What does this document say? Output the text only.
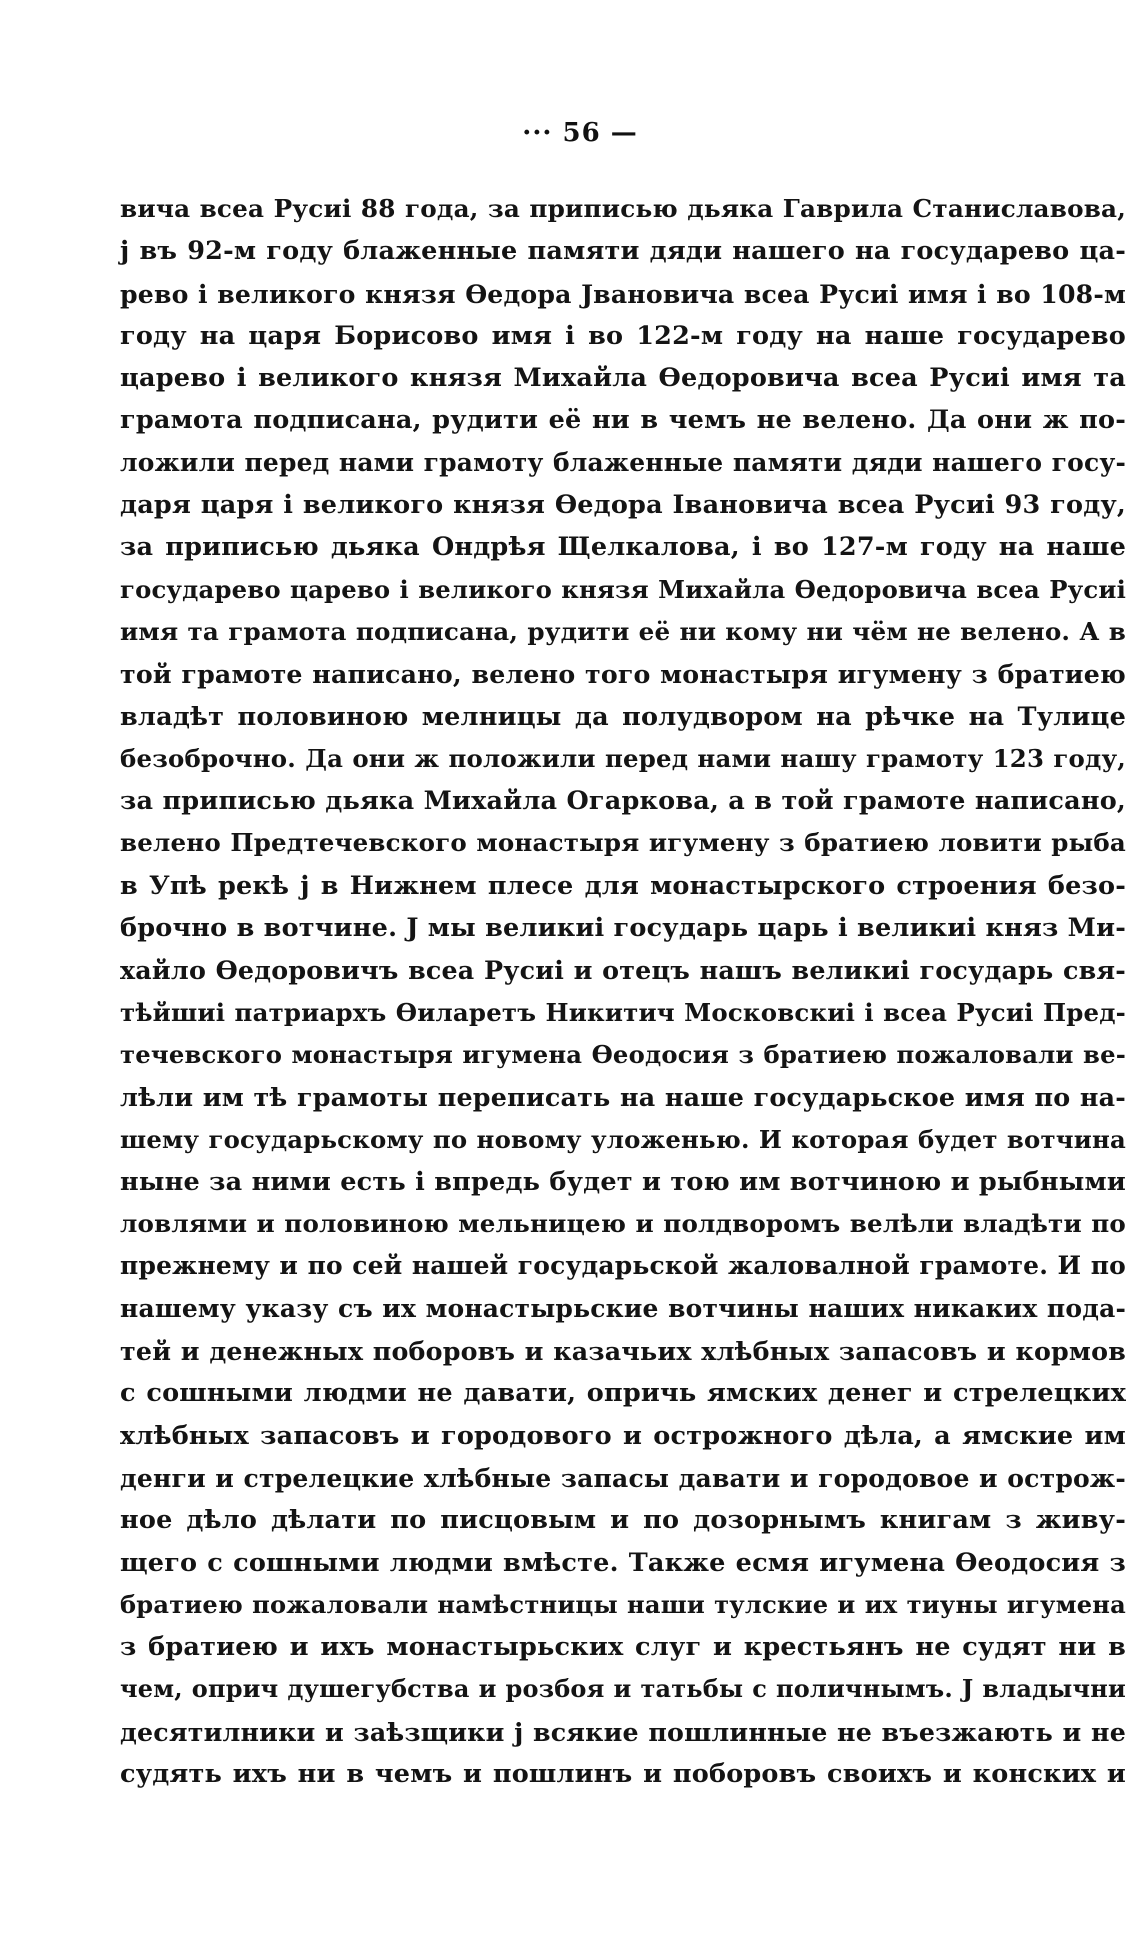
··· 56 —
вича всеа Русиі 88 года, за приписью дьяка Гаврила Станиславова,
ј въ 92-м году блаженные памяти дяди нашего на государево ца-
рево і великого князя Өедора Јвановича всеа Русиі имя і во 108-м
году на царя Борисово имя і во 122-м году на наше государево
царево і великого князя Михайла Өедоровича всеа Русиі имя та
грамота подписана, рудити её ни в чемъ не велено. Да они ж по-
ложили перед нами грамоту блаженные памяти дяди нашего госу-
даря царя і великого князя Өедора Івановича всеа Русиі 93 году,
за приписью дьяка Ондрѣя Щелкалова, і во 127-м году на наше
государево царево і великого князя Михайла Өедоровича всеа Русиі
имя та грамота подписана, рудити её ни кому ни чём не велено. А в
той грамоте написано, велено того монастыря игумену з братиею
владѣт половиною мелницы да полудвором на рѣчке на Тулице
безоброчно. Да они ж положили перед нами нашу грамоту 123 году,
за приписью дьяка Михайла Огаркова, а в той грамоте написано,
велено Предтечевского монастыря игумену з братиею ловити рыба
в Упѣ рекѣ ј в Нижнем плесе для монастырского строения безо-
брочно в вотчине. Ј мы великиі государь царь і великиі княз Ми-
хайло Өедоровичъ всеа Русиі и отецъ нашъ великиі государь свя-
тѣйшиі патриархъ Өиларетъ Никитич Московскиі і всеа Русиі Пред-
течевского монастыря игумена Өеодосия з братиею пожаловали ве-
лѣли им тѣ грамоты переписать на наше государьское имя по на-
шему государьскому по новому уложенью. И которая будет вотчина
ныне за ними есть і впредь будет и тою им вотчиною и рыбными
ловлями и половиною мельницею и полдворомъ велѣли владѣти по
прежнему и по сей нашей государьской жаловалной грамоте. И по
нашему указу съ их монастырьские вотчины наших никаких пода-
тей и денежных поборовъ и казачьих хлѣбных запасовъ и кормов
с сошными людми не давати, опричь ямских денег и стрелецких
хлѣбных запасовъ и городового и острожного дѣла, а ямские им
денги и стрелецкие хлѣбные запасы давати и городовое и острож-
ное дѣло дѣлати по писцовым и по дозорнымъ книгам з живу-
щего с сошными людми вмѣсте. Также есмя игумена Өеодосия з
братиею пожаловали намѣстницы наши тулские и их тиуны игумена
з братиею и ихъ монастырьских слуг и крестьянъ не судят ни в
чем, оприч душегубства и розбоя и татьбы с поличнымъ. Ј владычни
десятилники и заѣзщики ј всякие пошлинные не въезжають и не
судять ихъ ни в чемъ и пошлинъ и поборовъ своихъ и конских и
